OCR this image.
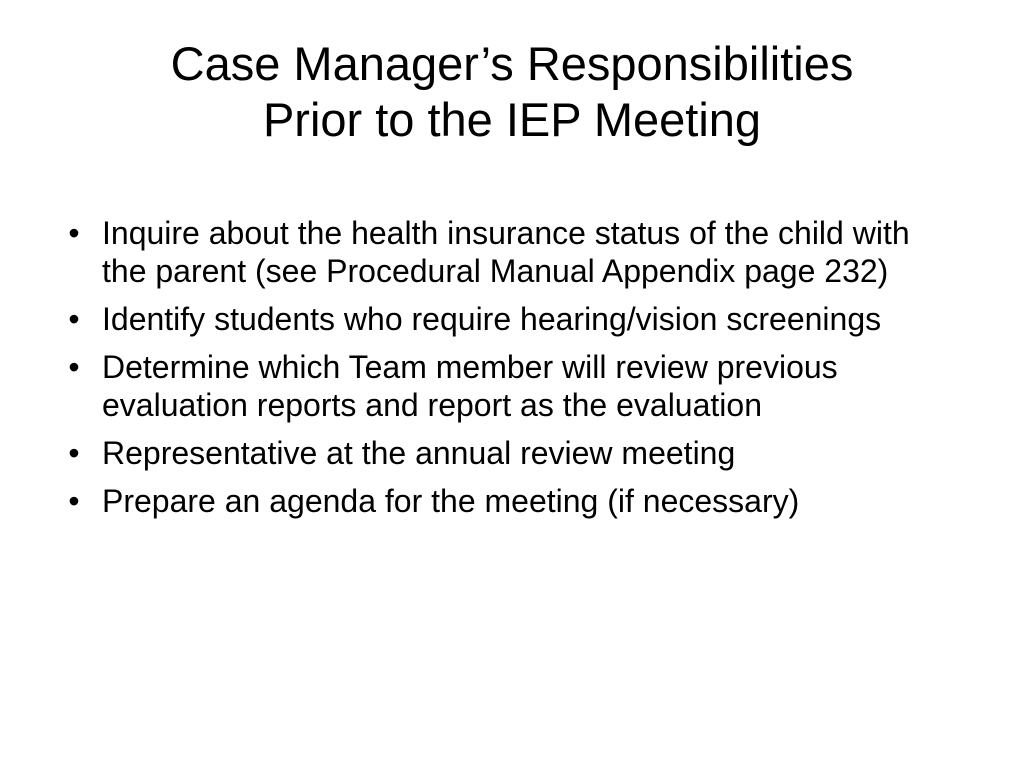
Case Manager’s Responsibilities
Prior to the IEP Meeting
• Inquire about the health insurance status of the child with the parent (see Procedural Manual Appendix page 232)
• Identify students who require hearing/vision screenings
• Determine which Team member will review previous evaluation reports and report as the evaluation
• Representative at the annual review meeting
• Prepare an agenda for the meeting (if necessary)
